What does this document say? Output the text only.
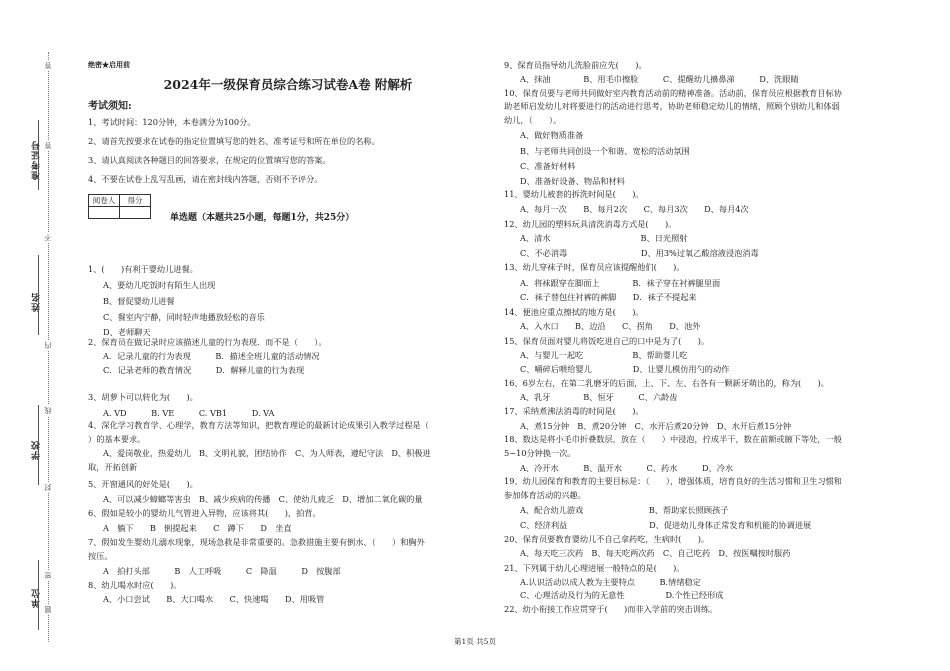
准考证号
姓名
学校
单位
答
答
不
内
线
封
密
题
绝密★启用前
2024年一级保育员综合练习试卷A卷 附解析
考试须知:
1、考试时间：120分钟，本卷满分为100分。
2、请首先按要求在试卷的指定位置填写您的姓名、准考证号和所在单位的名称。
3、请认真阅读各种题目的回答要求，在规定的位置填写您的答案。
4、不要在试卷上乱写乱画，请在密封线内答题，否则不予评分。
阅卷人	得分

单选题（本题共25小题，每题1分，共25分）
1、(　　)有利于婴幼儿进餐。
A、要幼儿吃饭时有陌生人出现
B、督促婴幼儿进餐
C、餐室内宁静，同时轻声地播放轻松的音乐
D、老师聊天
2、保育员在做记录时应该描述儿童的行为表现．而不是（　　）。
A．记录儿童的行为表现　　　B．描述全班儿童的活动情况
C．记录老师的教育情况　　　D．解释儿童的行为表现
3、胡萝卜可以转化为(　　)。
A. VD　　　B. VE　　　C. VB1　　　D. VA
4、深化学习教育学、心理学，教育方法等知识，把教育理论的最新讨论成果引入教学过程是（
）的基本要求。
A、爱岗敬业，热爱幼儿　B、文明礼貌，团结协作　C、为人师表，遵纪守法　D、积极进
取，开拓创新
5、开窗通风的好处是(　　)。
A、可以减少蟑螂等害虫　B、减少疾病的传播　C、使幼儿疲乏　D、增加二氧化碳的量
6、假如是较小的婴幼儿气管进入异物，应该将其(　　)，拍背。
A　躺下　　B　倒提起来　　C　蹲下　　D　坐直
7、假如发生婴幼儿溺水现象，现场急救是非常重要的。急救措施主要有倒水、（　　）和胸外
按压。
A　拍打头部　　　B　人工呼吸　　　C　降温　　　D　按腹部
8、幼儿喝水时应(　　)。
A、小口尝试　　B、大口喝水　　C、快速喝　　D、用吸管
9、保育员指导幼儿洗脸前应先(　　)。
A、抹油　　　　B、用毛巾擦脸　　　C、提醒幼儿擤鼻涕　　　D、洗眼睛
10、保育员要与老师共同做好室内教育活动前的精神准备。活动前，保育员应根据教育目标协
助老师启发幼儿对将要进行的活动进行思考，协助老师稳定幼儿的情绪，照顾个别幼儿和体弱
幼儿，（　　）。
A、做好物质准备
B、与老师共同创设一个和谐、宽松的活动氛围
C、准备好材料
D、准备好设备、物品和材料
11、婴幼儿被套的拆洗时间是(　　)。
A、每月一次　　B、每月2次　　C、每月3次　　D、每月4次
12、幼儿园的塑料玩具清洗消毒方式是(　　)。
A、清水　　　　　　　　　　　B、日光照射
C、不必消毒　　　　　　　　　D、用3%过氧乙酸溶液浸泡消毒
13、幼儿穿袜子时，保育员应该提醒他们(　　)。
A．将袜跟穿在脚面上　　　　B．袜子穿在衬裤腿里面
C．袜子替包住衬裤的裤脚　　D．袜子不提起来
14、便池应重点擦拭的地方是(　　)。
A、入水口　　B、边沿　　C、拐角　　D、池外
15、保育员面对婴儿将饭吃进自己的口中是为了(　　)。
A、与婴儿一起吃　　　　　　B、帮助婴儿吃
C、嚼碎后喂给婴儿　　　　　D、让婴儿模仿用勺的动作
16、6岁左右，在第二乳磨牙的后面，上、下、左、右各有一颗新牙萌出的，称为(　　)。
A、乳牙　　　　B、恒牙　　　C、六龄齿
17、采纳煮沸法消毒的时间是(　　)。
A、煮15分钟　B、煮20分钟　C、水开后煮20分钟　D、水开后煮15分钟
18、数达是将小毛巾折叠数层，放在（　　）中浸泡，拧成半干，数在前额或腋下等处，一般
5~10分钟换一次。
A、冷开水　　　B、温开水　　　C、药水　　　D、冷水
19、幼儿园保育和教育的主要目标是：（　　），增强体质，培育良好的生活习惯和卫生习惯和
参加体育活动的兴趣。
A、配合幼儿游戏　　　　　　　　B、帮助家长照顾孩子
C、经济利益　　　　　　　　　　D、促进幼儿身体正常发育和机能的协调进展
20、保育员要教育婴幼儿不自己拿药吃，生病时(　　)。
A、每天吃三次药　B、每天吃两次药　C、自己吃药　D、按医嘱按时服药
21、下列属于幼儿心理进展一般特点的是(　　)。
A.认识活动以成人教为主要特点　　　B.情绪稳定
C、心理活动及行为的无意性　　　　　D.个性已经形成
22、幼小衔接工作应贯穿于(　　)而非入学前的突击训练。
第1页 共5页
